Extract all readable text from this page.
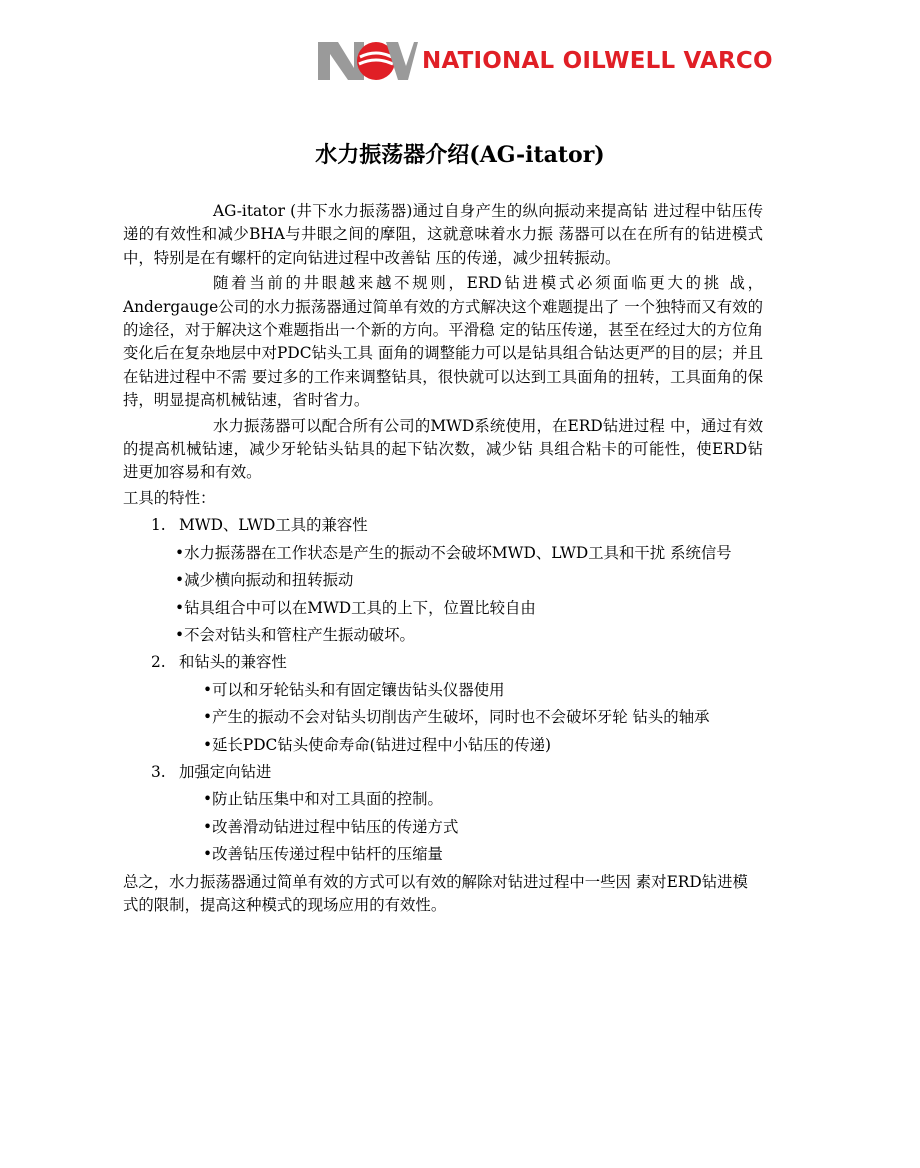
NATIONAL OILWELL VARCO
水力振荡器介绍(AG-itator)

AG-itator (井下水力振荡器)通过自身产生的纵向振动来提高钻 进过程中钻压传递的有效性和减少BHA与井眼之间的摩阻，这就意味着水力振 荡器可以在在所有的钻进模式中，特别是在有螺杆的定向钻进过程中改善钻 压的传递，减少扭转振动。

随着当前的井眼越来越不规则，ERD钻进模式必须面临更大的挑 战，Andergauge公司的水力振荡器通过简单有效的方式解决这个难题提出了 一个独特而又有效的的途径，对于解决这个难题指出一个新的方向。平滑稳 定的钻压传递，甚至在经过大的方位角变化后在复杂地层中对PDC钻头工具 面角的调整能力可以是钻具组合钻达更严的目的层；并且在钻进过程中不需 要过多的工作来调整钻具，很快就可以达到工具面角的扭转，工具面角的保 持，明显提高机械钻速，省时省力。

水力振荡器可以配合所有公司的MWD系统使用，在ERD钻进过程 中，通过有效的提高机械钻速，减少牙轮钻头钻具的起下钻次数，减少钻 具组合粘卡的可能性，使ERD钻进更加容易和有效。

工具的特性：

1. MWD、LWD工具的兼容性
•水力振荡器在工作状态是产生的振动不会破坏MWD、LWD工具和干扰 系统信号
•减少横向振动和扭转振动
•钻具组合中可以在MWD工具的上下，位置比较自由
•不会对钻头和管柱产生振动破坏。
2. 和钻头的兼容性
•可以和牙轮钻头和有固定镶齿钻头仪器使用
•产生的振动不会对钻头切削齿产生破坏，同时也不会破坏牙轮 钻头的轴承
•延长PDC钻头使命寿命(钻进过程中小钻压的传递)
3. 加强定向钻进
•防止钻压集中和对工具面的控制。
•改善滑动钻进过程中钻压的传递方式
•改善钻压传递过程中钻杆的压缩量

总之，水力振荡器通过简单有效的方式可以有效的解除对钻进过程中一些因 素对ERD钻进模式的限制，提高这种模式的现场应用的有效性。
